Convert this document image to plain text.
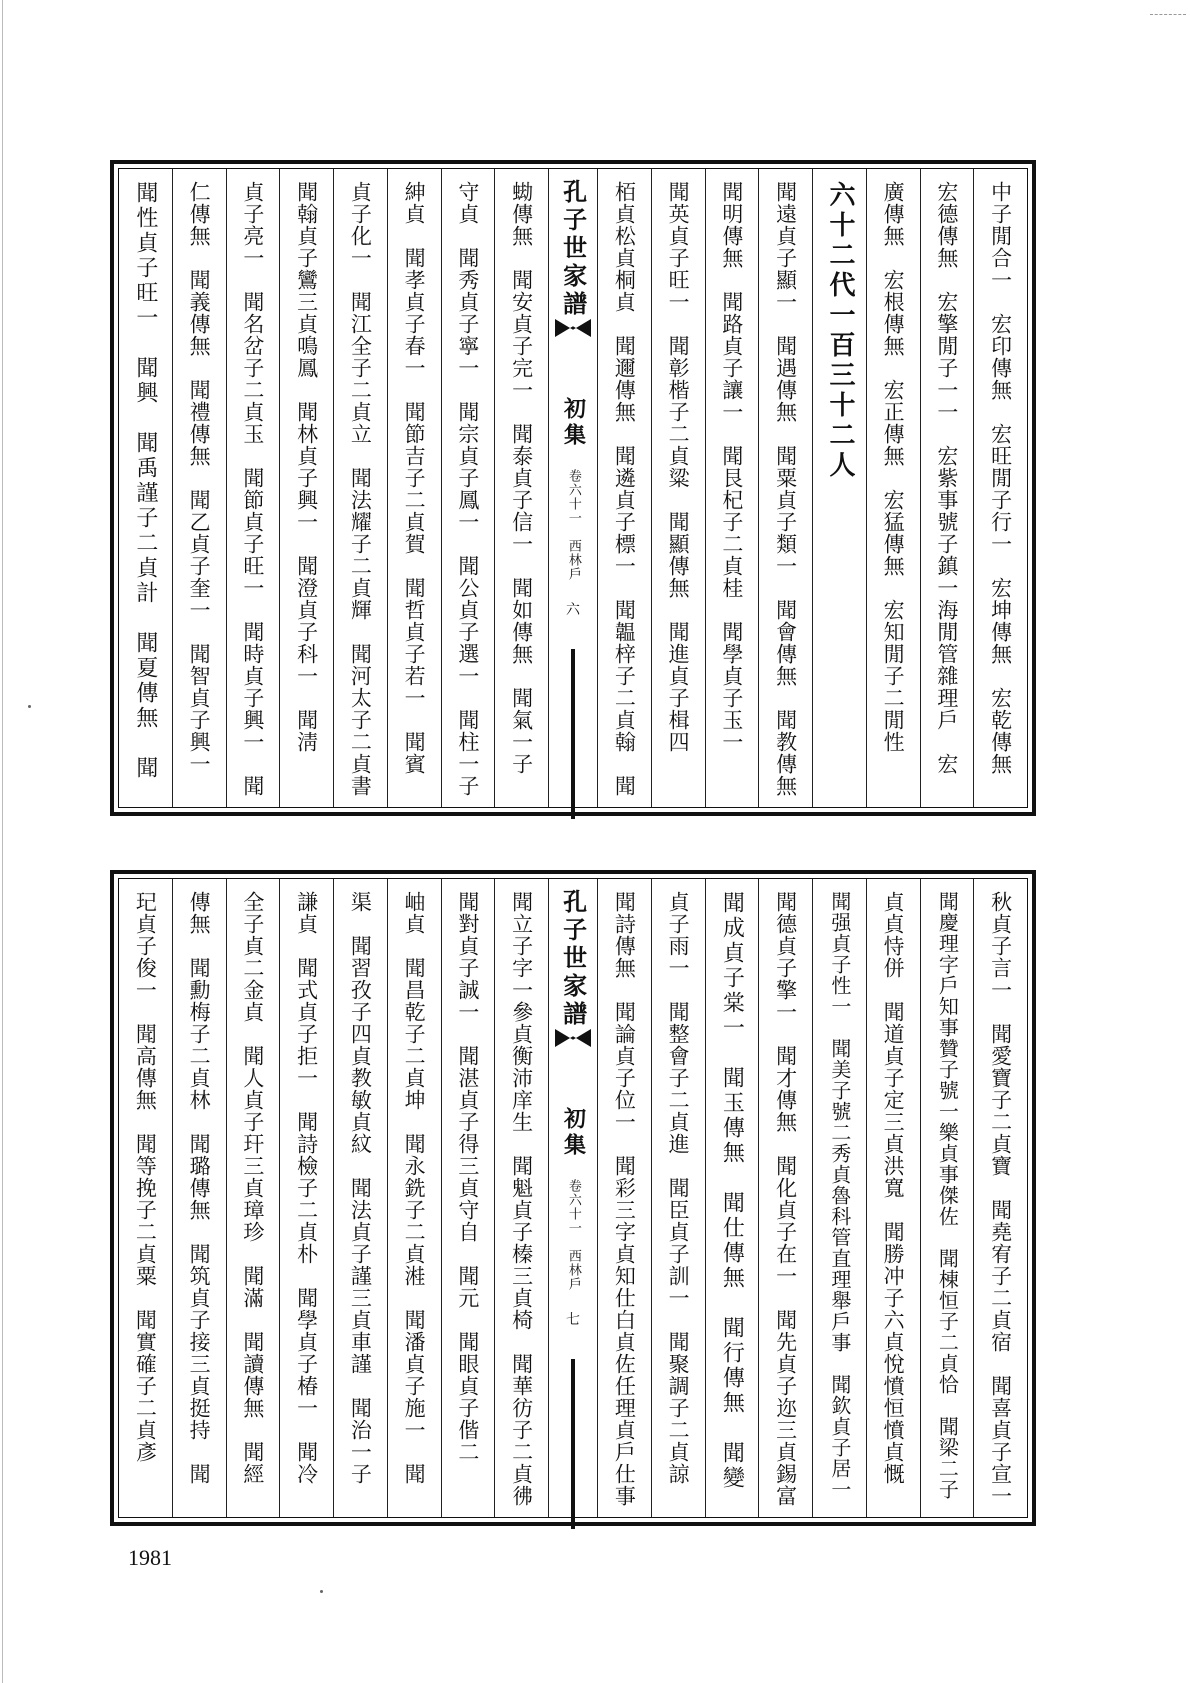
中子閒合一　宏印傳無　宏旺閒子行一　宏坤傳無　宏乾傳無
宏德傳無　宏擎閒子一一　宏紫事號子鎮一海閒管雜理戶　宏
廣傳無　宏根傳無　宏正傳無　宏猛傳無　宏知閒子二閒性
六十二代一百三十二人
聞遠貞子顯一　聞遇傳無　聞粟貞子類一　聞會傳無　聞教傳無
聞明傳無　聞路貞子讓一　聞艮杞子二貞桂　聞學貞子玉一
聞英貞子旺一　聞彰楷子二貞粱　聞顯傳無　聞進貞子楫四
栢貞松貞桐貞　聞邇傳無　聞遴貞子標一　聞韞梓子二貞翰　聞
孔子世家譜
初集
卷六十一　西林戶
六
蜐傳無　聞安貞子完一　聞泰貞子信一　聞如傳無　聞氣一子
守貞　聞秀貞子寧一　聞宗貞子鳳一　聞公貞子選一　聞柱一子
紳貞　聞孝貞子春一　聞節吉子二貞賀　聞哲貞子若一　聞賓
貞子化一　聞江全子二貞立　聞法耀子二貞輝　聞河太子二貞書
聞翰貞子鸞三貞鳴鳳　聞林貞子興一　聞澄貞子科一　聞淸
貞子亮一　聞名岔子二貞玉　聞節貞子旺一　聞時貞子興一　聞
仁傳無　聞義傳無　聞禮傳無　聞乙貞子奎一　聞智貞子興一
聞性貞子旺一　聞興　聞禹謹子二貞計　聞夏傳無　聞
秋貞子言一　聞愛寶子二貞寶　聞堯宥子二貞宿　聞喜貞子宣一
聞慶理字戶知事贊子號一樂貞事傑佐　聞棟恒子二貞恰　聞梁二子
貞貞恃併　聞道貞子定三貞洪寬　聞勝冲子六貞悅憤恒憤貞慨
聞强貞子性一　聞美子號二秀貞魯科管直理舉戶事　聞欽貞子居一
聞德貞子擎一　聞才傳無　聞化貞子在一　聞先貞子迩三貞錫富
聞成貞子棠一　聞玉傳無　聞仕傳無　聞行傳無　聞變
貞子雨一　聞整會子二貞進　聞臣貞子訓一　聞聚調子二貞諒
聞詩傳無　聞論貞子位一　聞彩三字貞知仕白貞佐任理貞戶仕事
孔子世家譜
初集
卷六十一　西林戶
七
聞立子字一參貞衡沛庠生　聞魁貞子榛三貞椅　聞華彷子二貞彿
聞對貞子誠一　聞湛貞子得三貞守自　聞元　聞眼貞子偕二
岫貞　聞昌乾子二貞坤　聞永銑子二貞溎　聞潘貞子施一　聞
渠　聞習孜子四貞教敏貞紋　聞法貞子謹三貞車謹　聞治一子
謙貞　聞式貞子拒一　聞詩檢子二貞朴　聞學貞子椿一　聞冷
全子貞二金貞　聞人貞子玕三貞璋珍　聞滿　聞讀傳無　聞經
傳無　聞勳梅子二貞林　聞璐傳無　聞筑貞子接三貞挺持　聞
玘貞子俊一　聞高傳無　聞等挽子二貞粟　聞實確子二貞彥
1981
